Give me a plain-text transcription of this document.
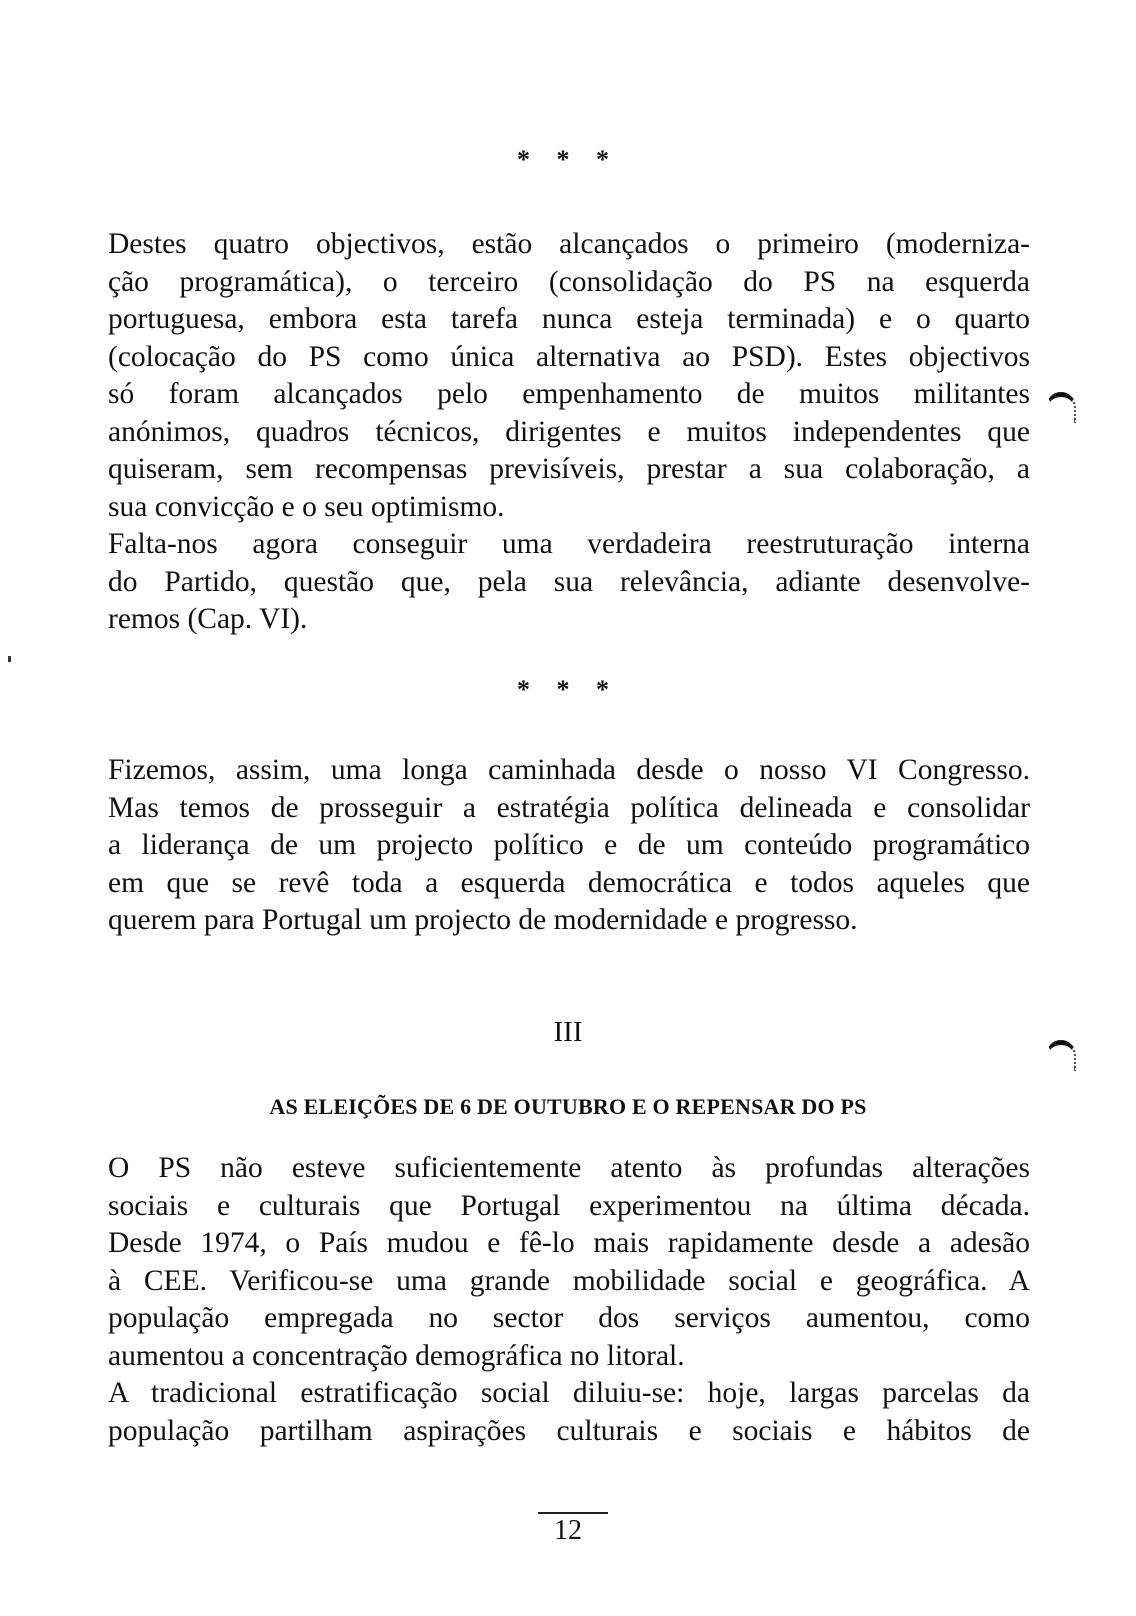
* * *

Destes quatro objectivos, estão alcançados o primeiro (moderniza-
ção programática), o terceiro (consolidação do PS na esquerda
portuguesa, embora esta tarefa nunca esteja terminada) e o quarto
(colocação do PS como única alternativa ao PSD). Estes objectivos
só foram alcançados pelo empenhamento de muitos militantes
anónimos, quadros técnicos, dirigentes e muitos independentes que
quiseram, sem recompensas previsíveis, prestar a sua colaboração, a
sua convicção e o seu optimismo.

Falta-nos agora conseguir uma verdadeira reestruturação interna
do Partido, questão que, pela sua relevância, adiante desenvolve-
remos (Cap. VI).

* * *

Fizemos, assim, uma longa caminhada desde o nosso VI Congresso.
Mas temos de prosseguir a estratégia política delineada e consolidar
a liderança de um projecto político e de um conteúdo programático
em que se revê toda a esquerda democrática e todos aqueles que
querem para Portugal um projecto de modernidade e progresso.

III
AS ELEIÇÕES DE 6 DE OUTUBRO E O REPENSAR DO PS

O PS não esteve suficientemente atento às profundas alterações
sociais e culturais que Portugal experimentou na última década.
Desde 1974, o País mudou e fê-lo mais rapidamente desde a adesão
à CEE. Verificou-se uma grande mobilidade social e geográfica. A
população empregada no sector dos serviços aumentou, como
aumentou a concentração demográfica no litoral.

A tradicional estratificação social diluiu-se: hoje, largas parcelas da
população partilham aspirações culturais e sociais e hábitos de

12
